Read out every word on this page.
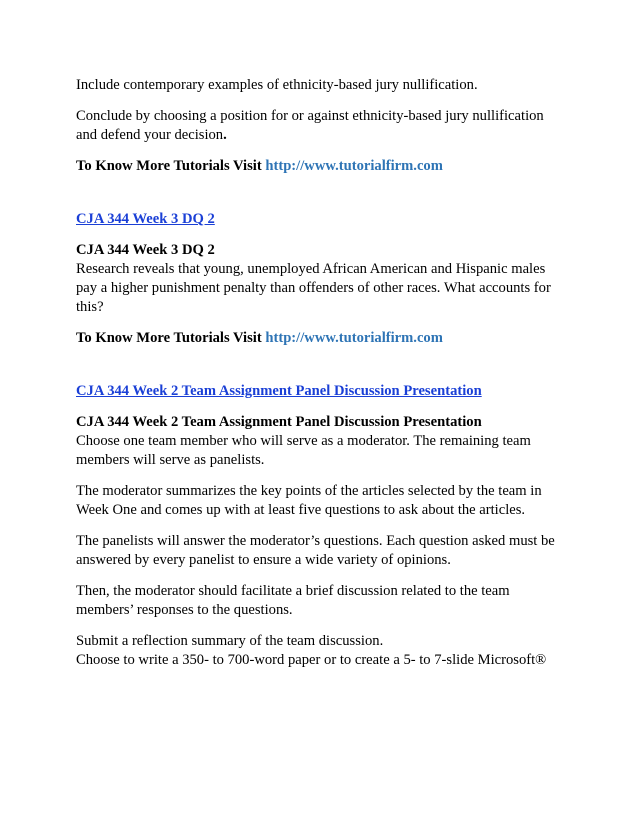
Include contemporary examples of ethnicity-based jury nullification.

Conclude by choosing a position for or against ethnicity-based jury nullification
and defend your decision.

To Know More Tutorials Visit http://www.tutorialfirm.com

CJA 344 Week 3 DQ 2

CJA 344 Week 3 DQ 2
Research reveals that young, unemployed African American and Hispanic males
pay a higher punishment penalty than offenders of other races. What accounts for
this?

To Know More Tutorials Visit http://www.tutorialfirm.com

CJA 344 Week 2 Team Assignment Panel Discussion Presentation

CJA 344 Week 2 Team Assignment Panel Discussion Presentation
Choose one team member who will serve as a moderator. The remaining team
members will serve as panelists.

The moderator summarizes the key points of the articles selected by the team in
Week One and comes up with at least five questions to ask about the articles.

The panelists will answer the moderator’s questions. Each question asked must be
answered by every panelist to ensure a wide variety of opinions.

Then, the moderator should facilitate a brief discussion related to the team
members’ responses to the questions.

Submit a reflection summary of the team discussion.
Choose to write a 350- to 700-word paper or to create a 5- to 7-slide Microsoft®
